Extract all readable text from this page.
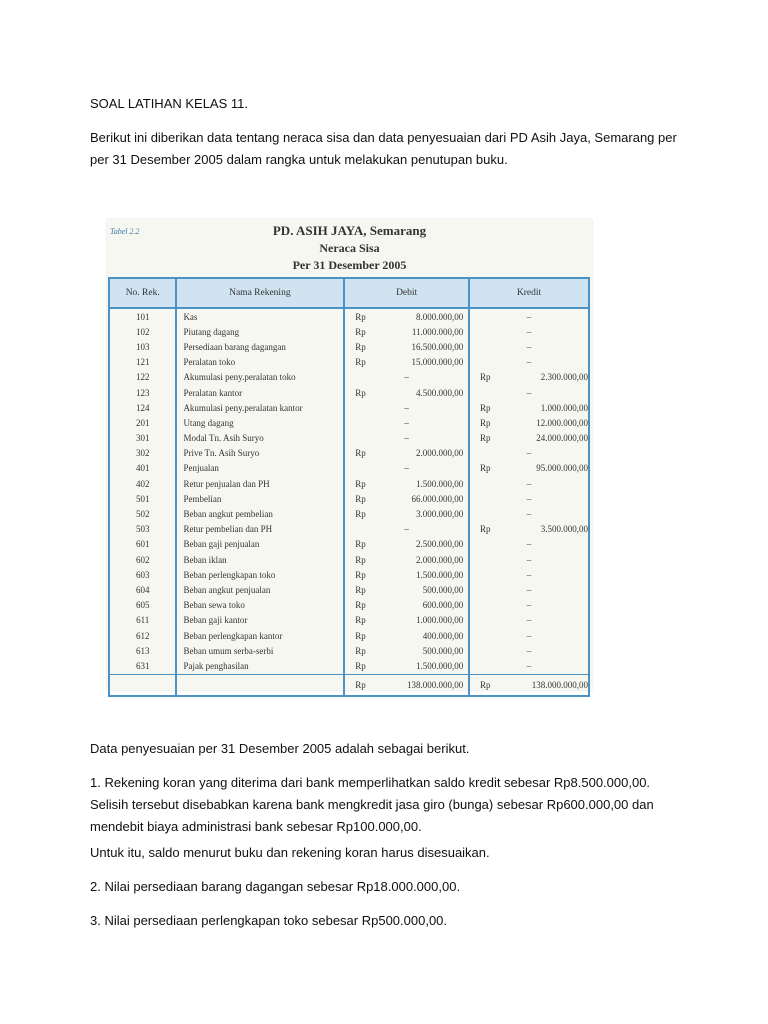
SOAL LATIHAN KELAS 11.

Berikut ini diberikan data tentang neraca sisa dan data penyesuaian dari PD Asih Jaya, Semarang per per 31 Desember 2005 dalam rangka untuk melakukan penutupan buku.

Tabel 2.2	PD. ASIH JAYA, Semarang
Neraca Sisa
Per 31 Desember 2005
No. Rek.	Nama Rekening	Debit	Kredit
101	Kas	Rp 8.000.000,00	–
102	Piutang dagang	Rp 11.000.000,00	–
103	Persediaan barang dagangan	Rp 16.500.000,00	–
121	Peralatan toko	Rp 15.000.000,00	–
122	Akumulasi peny.peralatan toko	–	Rp 2.300.000,00
123	Peralatan kantor	Rp 4.500.000,00	–
124	Akumulasi peny.peralatan kantor	–	Rp 1.000.000,00
201	Utang dagang	–	Rp 12.000.000,00
301	Modal Tn. Asih Suryo	–	Rp 24.000.000,00
302	Prive Tn. Asih Suryo	Rp 2.000.000,00	–
401	Penjualan	–	Rp 95.000.000,00
402	Retur penjualan dan PH	Rp 1.500.000,00	–
501	Pembelian	Rp 66.000.000,00	–
502	Beban angkut pembelian	Rp 3.000.000,00	–
503	Retur pembelian dan PH	–	Rp 3.500.000,00
601	Beban gaji penjualan	Rp 2.500.000,00	–
602	Beban iklan	Rp 2.000.000,00	–
603	Beban perlengkapan toko	Rp 1.500.000,00	–
604	Beban angkut penjualan	Rp 500.000,00	–
605	Beban sewa toko	Rp 600.000,00	–
611	Beban gaji kantor	Rp 1.000.000,00	–
612	Beban perlengkapan kantor	Rp 400.000,00	–
613	Beban umum serba-serbi	Rp 500.000,00	–
631	Pajak penghasilan	Rp 1.500.000,00	–
		Rp 138.000.000,00	Rp 138.000.000,00

Data penyesuaian per 31 Desember 2005 adalah sebagai berikut.

1. Rekening koran yang diterima dari bank memperlihatkan saldo kredit sebesar Rp8.500.000,00. Selisih tersebut disebabkan karena bank mengkredit jasa giro (bunga) sebesar Rp600.000,00 dan mendebit biaya administrasi bank sebesar Rp100.000,00.

Untuk itu, saldo menurut buku dan rekening koran harus disesuaikan.

2. Nilai persediaan barang dagangan sebesar Rp18.000.000,00.

3. Nilai persediaan perlengkapan toko sebesar Rp500.000,00.
